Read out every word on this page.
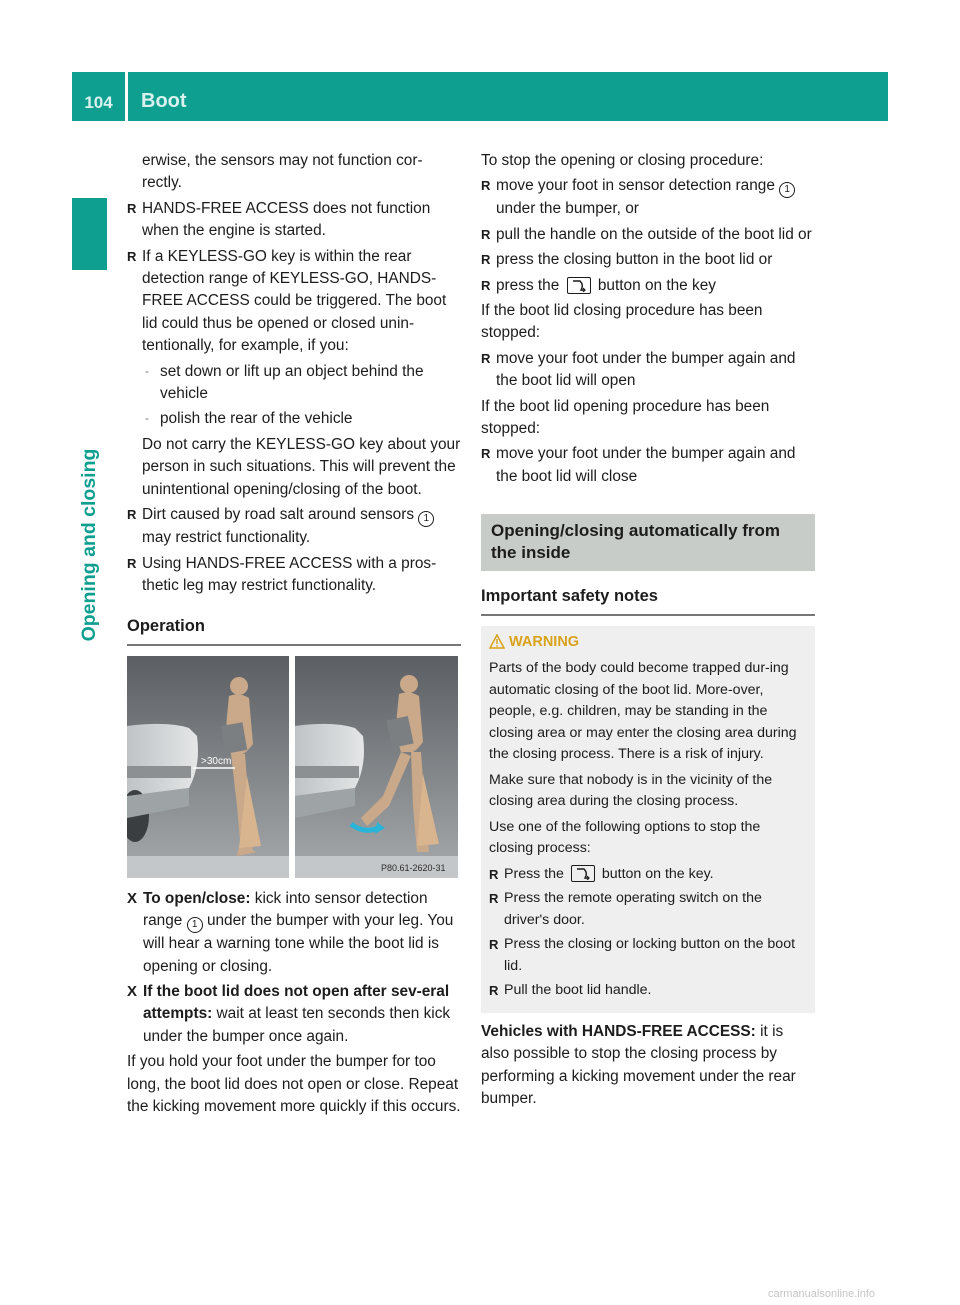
104	Boot
Opening and closing

erwise, the sensors may not function cor-rectly.

R HANDS-FREE ACCESS does not function when the engine is started.
R If a KEYLESS-GO key is within the rear detection range of KEYLESS-GO, HANDS-FREE ACCESS could be triggered. The boot lid could thus be opened or closed unin-tentionally, for example, if you:
- set down or lift up an object behind the vehicle
- polish the rear of the vehicle

Do not carry the KEYLESS-GO key about your person in such situations. This will prevent the unintentional opening/closing of the boot.

R Dirt caused by road salt around sensors 1 may restrict functionality.
R Using HANDS-FREE ACCESS with a pros-thetic leg may restrict functionality.
Operation
>30cm
P80.61-2620-31
X To open/close: kick into sensor detection range 1 under the bumper with your leg. You will hear a warning tone while the boot lid is opening or closing.
X If the boot lid does not open after sev-eral attempts: wait at least ten seconds then kick under the bumper once again.

If you hold your foot under the bumper for too long, the boot lid does not open or close. Repeat the kicking movement more quickly if this occurs.

To stop the opening or closing procedure:

R move your foot in sensor detection range 1 under the bumper, or
R pull the handle on the outside of the boot lid or
R press the closing button in the boot lid or
R press the	button on the key

If the boot lid closing procedure has been stopped:

R move your foot under the bumper again and the boot lid will open

If the boot lid opening procedure has been stopped:

R move your foot under the bumper again and the boot lid will close
Opening/closing automatically from the inside
Important safety notes
WARNING

Parts of the body could become trapped dur-ing automatic closing of the boot lid. More-over, people, e.g. children, may be standing in the closing area or may enter the closing area during the closing process. There is a risk of injury.

Make sure that nobody is in the vicinity of the closing area during the closing process.

Use one of the following options to stop the closing process:

R Press the	button on the key.
R Press the remote operating switch on the driver's door.
R Press the closing or locking button on the boot lid.
R Pull the boot lid handle.

Vehicles with HANDS-FREE ACCESS: it is also possible to stop the closing process by performing a kicking movement under the rear bumper.

carmanualsonline.info
